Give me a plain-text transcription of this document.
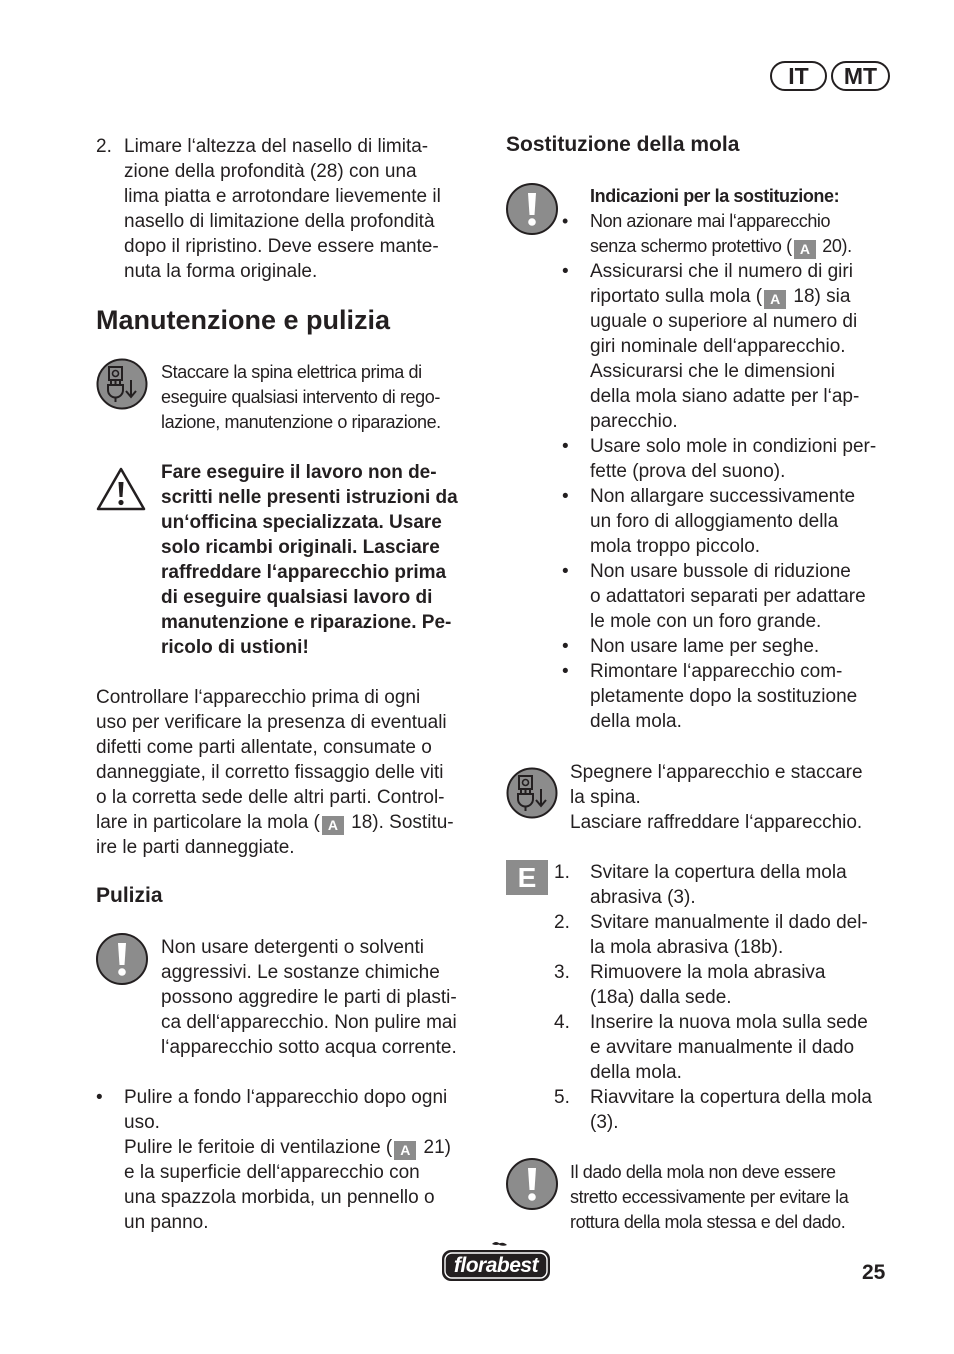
IT	MT
2. Limare l‘altezza del nasello di limita-

zione della profondità (28) con una

lima piatta e arrotondare lievemente il

nasello di limitazione della profondità

dopo il ripristino. Deve essere mante-

nuta la forma originale.

Manutenzione e pulizia

Staccare la spina elettrica prima di

eseguire qualsiasi intervento di rego-

lazione, manutenzione o riparazione.

Fare eseguire il lavoro non de-

scritti nelle presenti istruzioni da

un‘officina specializzata. Usare

solo ricambi originali. Lasciare

raffreddare l‘apparecchio prima

di eseguire qualsiasi lavoro di

manutenzione e riparazione. Pe-

ricolo di ustioni!

Controllare l‘apparecchio prima di ogni

uso per verificare la presenza di eventuali

difetti come parti allentate, consumate o

danneggiate, il corretto fissaggio delle viti

o la corretta sede delle altri parti. Control-

lare in particolare la mola ( A 18). Sostitu-

ire le parti danneggiate.

Pulizia

Non usare detergenti o solventi

aggressivi. Le sostanze chimiche

possono aggredire le parti di plasti-

ca dell‘apparecchio. Non pulire mai

l‘apparecchio sotto acqua corrente.

• Pulire a fondo l‘apparecchio dopo ogni

uso.

Pulire le feritoie di ventilazione ( A 21)

e la superficie dell‘apparecchio con

una spazzola morbida, un pennello o

un panno.

Sostituzione della mola
Indicazioni per la sostituzione:
• Non azionare mai l‘apparecchio

senza schermo protettivo ( A 20).

• Assicurarsi che il numero di giri

riportato sulla mola ( A 18) sia

uguale o superiore al numero di

giri nominale dell‘apparecchio.

Assicurarsi che le dimensioni

della mola siano adatte per l‘ap-

parecchio.

• Usare solo mole in condizioni per-

fette (prova del suono).

• Non allargare successivamente

un foro di alloggiamento della

mola troppo piccolo.

• Non usare bussole di riduzione

o adattatori separati per adattare

le mole con un foro grande.

• Non usare lame per seghe.

• Rimontare l‘apparecchio com-

pletamente dopo la sostituzione

della mola.

Spegnere l‘apparecchio e staccare

la spina.

Lasciare raffreddare l‘apparecchio.

E 1. Svitare la copertura della mola

abrasiva (3).

2. Svitare manualmente il dado del-

la mola abrasiva (18b).

3. Rimuovere la mola abrasiva

(18a) dalla sede.

4. Inserire la nuova mola sulla sede

e avvitare manualmente il dado

della mola.

5. Riavvitare la copertura della mola

(3).

Il dado della mola non deve essere

stretto eccessivamente per evitare la

rottura della mola stessa e del dado.

florabest	25
